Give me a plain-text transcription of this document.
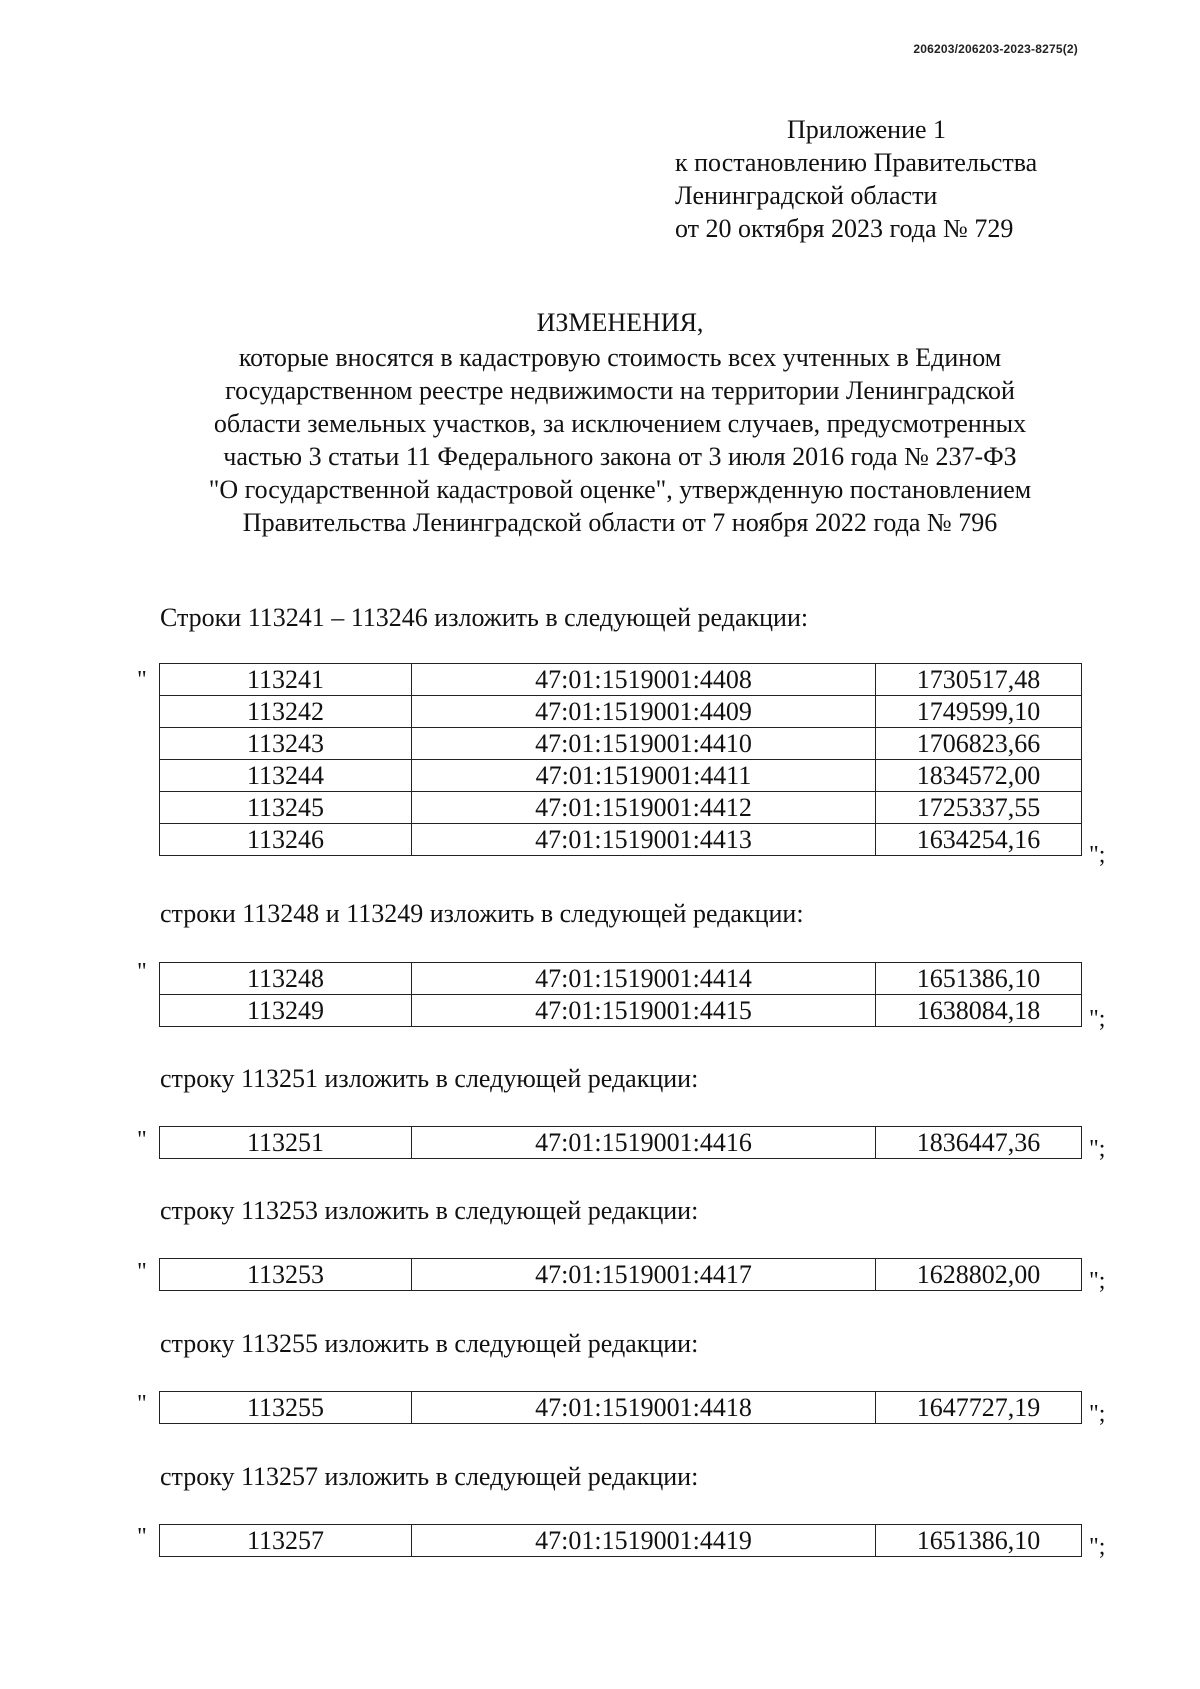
206203/206203-2023-8275(2)
Приложение 1
к постановлению Правительства
Ленинградской области
от 20 октября 2023 года № 729
ИЗМЕНЕНИЯ,
которые вносятся в кадастровую стоимость всех учтенных в Едином
государственном реестре недвижимости на территории Ленинградской
области земельных участков, за исключением случаев, предусмотренных
частью 3 статьи 11 Федерального закона от 3 июля 2016 года № 237-ФЗ
"О государственной кадастровой оценке", утвержденную постановлением
Правительства Ленинградской области от 7 ноября 2022 года № 796
Строки 113241 – 113246 изложить в следующей редакции:
"	113241	47:01:1519001:4408	1730517,48
113242	47:01:1519001:4409	1749599,10
113243	47:01:1519001:4410	1706823,66
113244	47:01:1519001:4411	1834572,00
113245	47:01:1519001:4412	1725337,55
113246	47:01:1519001:4413	1634254,16
";
строки 113248 и 113249 изложить в следующей редакции:
"	113248	47:01:1519001:4414	1651386,10
113249	47:01:1519001:4415	1638084,18 ";
строку 113251 изложить в следующей редакции:
"	113251	47:01:1519001:4416	1836447,36 ";
строку 113253 изложить в следующей редакции:
"	113253	47:01:1519001:4417	1628802,00 ";
строку 113255 изложить в следующей редакции:
"	113255	47:01:1519001:4418	1647727,19 ";
строку 113257 изложить в следующей редакции:
"	113257	47:01:1519001:4419	1651386,10 ";
